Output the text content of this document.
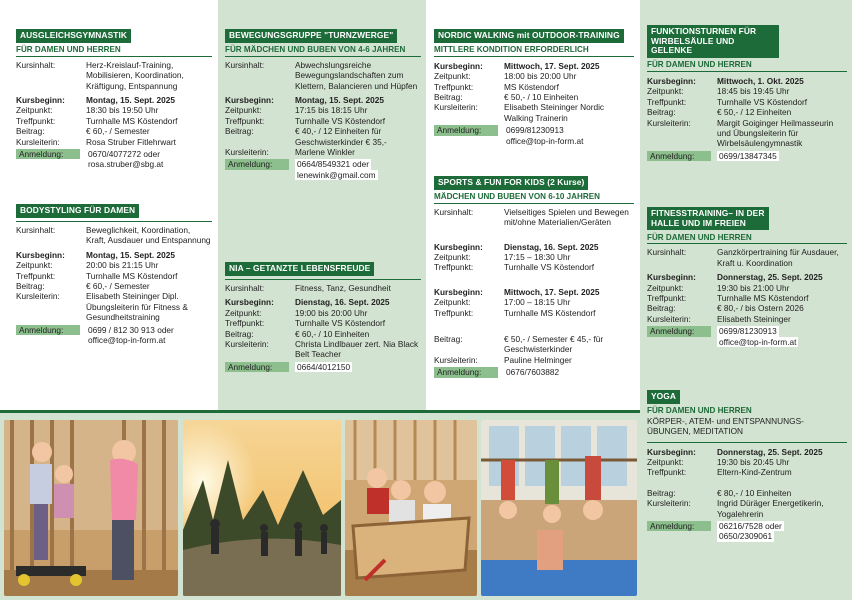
AUSGLEICHSGYMNASTIK
FÜR DAMEN UND HERREN
Kursinhalt:	Herz-Kreislauf-Training, Mobilisieren, Koordination, Kräftigung, Entspannung
Kursbeginn:	Montag, 15. Sept. 2025
Zeitpunkt:	18:30 bis 19:50 Uhr
Treffpunkt:	Turnhalle MS Köstendorf
Beitrag:	€ 60,- / Semester
Kursleiterin:	Rosa Struber Fitlehrwart
Anmeldung:	0670/4077272 oder
rosa.struber@sbg.at
BODYSTYLING FÜR DAMEN
Kursinhalt:	Beweglichkeit, Koordination, Kraft, Ausdauer und Entspannung
Kursbeginn:	Montag, 15. Sept. 2025
Zeitpunkt:	20:00 bis 21:15 Uhr
Treffpunkt:	Turnhalle MS Köstendorf
Beitrag:	€ 60,- / Semester
Kursleiterin:	Elisabeth Steininger Dipl. Übungsleiterin für Fitness & Gesundheitstraining
Anmeldung:	0699 / 812 30 913 oder
office@top-in-form.at
BEWEGUNGSGRUPPE "TURNZWERGE"
FÜR MÄDCHEN UND BUBEN VON 4-6 JAHREN
Kursinhalt:	Abwechslungsreiche Bewegungslandschaften zum Klettern, Balancieren und Hüpfen
Kursbeginn:	Montag, 15. Sept. 2025
Zeitpunkt:	17:15 bis 18:15 Uhr
Treffpunkt:	Turnhalle VS Köstendorf
Beitrag:	€ 40,- / 12 Einheiten für Geschwisterkinder € 35,-
Kursleiterin:	Marlene Winkler
Anmeldung:	0664/8549321 oder
lenewink@gmail.com
NIA – GETANZTE LEBENSFREUDE
Kursinhalt:	Fitness, Tanz, Gesundheit
Kursbeginn:	Dienstag, 16. Sept. 2025
Zeitpunkt:	19:00 bis 20:00 Uhr
Treffpunkt:	Turnhalle VS Köstendorf
Beitrag:	€ 60,- / 10 Einheiten
Kursleiterin:	Christa Lindlbauer zert. Nia Black Belt Teacher
Anmeldung:	0664/4012150
NORDIC WALKING mit OUTDOOR-TRAINING
MITTLERE KONDITION ERFORDERLICH
Kursbeginn:	Mittwoch, 17. Sept. 2025
Zeitpunkt:	18:00 bis 20:00 Uhr
Treffpunkt:	MS Köstendorf
Beitrag:	€ 50,- / 10 Einheiten
Kursleiterin:	Elisabeth Steininger Nordic Walking Trainerin
Anmeldung:	0699/81230913
office@top-in-form.at
SPORTS & FUN FOR KIDS (2 Kurse)
MÄDCHEN UND BUBEN VON 6-10 JAHREN
Kursinhalt:	Vielseitiges Spielen und Bewegen mit/ohne Materialien/Geräten
Kursbeginn:	Dienstag, 16. Sept. 2025
Zeitpunkt:	17:15 – 18:30 Uhr
Treffpunkt:	Turnhalle VS Köstendorf
Kursbeginn:	Mittwoch, 17. Sept. 2025
Zeitpunkt:	17:00 – 18:15 Uhr
Treffpunkt:	Turnhalle MS Köstendorf
Beitrag:	€ 50,- / Semester € 45,- für Geschwisterkinder
Kursleiterin:	Pauline Helminger
Anmeldung:	0676/7603882
FUNKTIONSTURNEN FÜR WIRBELSÄULE UND GELENKE
FÜR DAMEN UND HERREN
Kursbeginn:	Mittwoch, 1. Okt. 2025
Zeitpunkt:	18:45 bis 19:45 Uhr
Treffpunkt:	Turnhalle VS Köstendorf
Beitrag:	€ 50,- / 12 Einheiten
Kursleiterin:	Margit Goiginger Heilmasseurin und Übungsleiterin für Wirbelsäulengymnastik
Anmeldung:	0699/13847345
FITNESSTRAINING– IN DER HALLE UND IM FREIEN
FÜR DAMEN UND HERREN
Kursinhalt:	Ganzkörpertraining für Ausdauer, Kraft u. Koordination
Kursbeginn:	Donnerstag, 25. Sept. 2025
Zeitpunkt:	19:30 bis 21:00 Uhr
Treffpunkt:	Turnhalle MS Köstendorf
Beitrag:	€ 80,- / bis Ostern 2026
Kursleiterin:	Elisabeth Steininger
Anmeldung:	0699/81230913
office@top-in-form.at
YOGA
FÜR DAMEN UND HERREN
KÖRPER-, ATEM- und ENTSPANNUNGS- ÜBUNGEN, MEDITATION
Kursbeginn:	Donnerstag, 25. Sept. 2025
Zeitpunkt:	19:30 bis 20:45 Uhr
Treffpunkt:	Eltern-Kind-Zentrum
Beitrag:	€ 80,- / 10 Einheiten
Kursleiterin:	Ingrid Düräger Energetikerin, Yogalehrerin
Anmeldung:	06216/7528 oder
0650/2309061
